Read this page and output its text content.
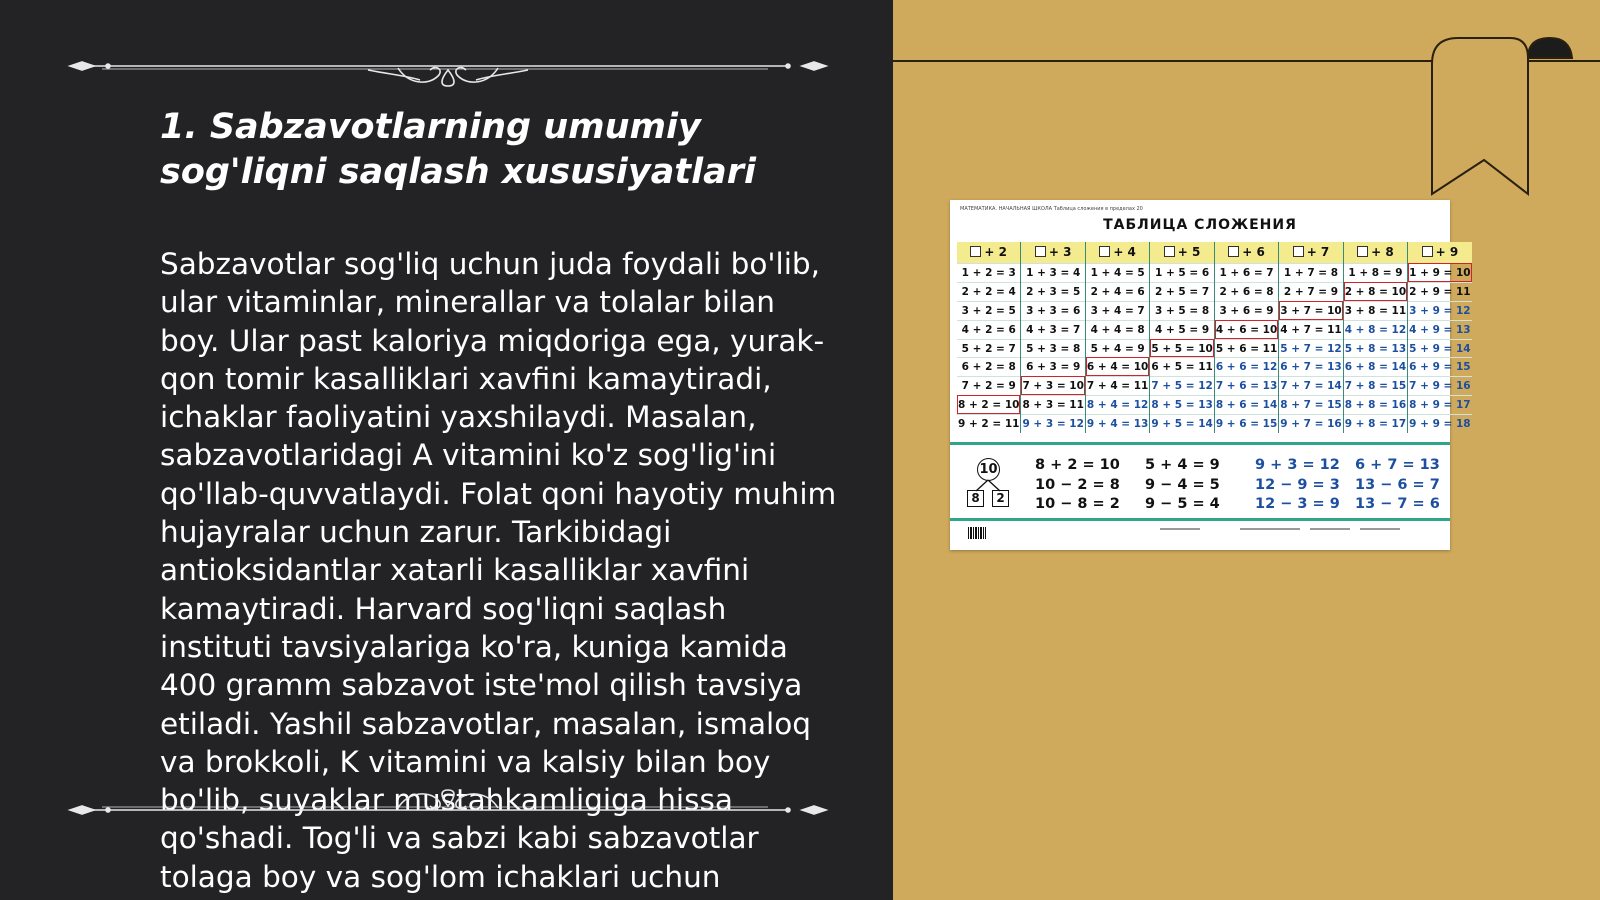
1. Sabzavotlarning umumiy sog'liqni saqlash xususiyatlari

Sabzavotlar sog'liq uchun juda foydali bo'lib, ular vitaminlar, minerallar va tolalar bilan boy. Ular past kaloriya miqdoriga ega, yurak-qon tomir kasalliklari xavfini kamaytiradi, ichaklar faoliyatini yaxshilaydi. Masalan, sabzavotlaridagi A vitamini ko'z sog'lig'ini qo'llab-quvvatlaydi. Folat qoni hayotiy muhim hujayralar uchun zarur. Tarkibidagi antioksidantlar xatarli kasalliklar xavfini kamaytiradi. Harvard sog'liqni saqlash instituti tavsiyalariga ko'ra, kuniga kamida 400 gramm sabzavot iste'mol qilish tavsiya etiladi. Yashil sabzavotlar, masalan, ismaloq va brokkoli, K vitamini va kalsiy bilan boy bo'lib, suyaklar mustahkamligiga hissa qo'shadi. Tog'li va sabzi kabi sabzavotlar tolaga boy va sog'lom ichaklari uchun

МАТЕМАТИКА. НАЧАЛЬНАЯ ШКОЛА Таблица сложения в пределах 20
ТАБЛИЦА СЛОЖЕНИЯ
+ 2
1 + 2 = 3
2 + 2 = 4
3 + 2 = 5
4 + 2 = 6
5 + 2 = 7
6 + 2 = 8
7 + 2 = 9
8 + 2 = 10
9 + 2 = 11
+ 3
1 + 3 = 4
2 + 3 = 5
3 + 3 = 6
4 + 3 = 7
5 + 3 = 8
6 + 3 = 9
7 + 3 = 10
8 + 3 = 11
9 + 3 = 12
+ 4
1 + 4 = 5
2 + 4 = 6
3 + 4 = 7
4 + 4 = 8
5 + 4 = 9
6 + 4 = 10
7 + 4 = 11
8 + 4 = 12
9 + 4 = 13
+ 5
1 + 5 = 6
2 + 5 = 7
3 + 5 = 8
4 + 5 = 9
5 + 5 = 10
6 + 5 = 11
7 + 5 = 12
8 + 5 = 13
9 + 5 = 14
+ 6
1 + 6 = 7
2 + 6 = 8
3 + 6 = 9
4 + 6 = 10
5 + 6 = 11
6 + 6 = 12
7 + 6 = 13
8 + 6 = 14
9 + 6 = 15
+ 7
1 + 7 = 8
2 + 7 = 9
3 + 7 = 10
4 + 7 = 11
5 + 7 = 12
6 + 7 = 13
7 + 7 = 14
8 + 7 = 15
9 + 7 = 16
+ 8
1 + 8 = 9
2 + 8 = 10
3 + 8 = 11
4 + 8 = 12
5 + 8 = 13
6 + 8 = 14
7 + 8 = 15
8 + 8 = 16
9 + 8 = 17
+ 9
1 + 9 = 10
2 + 9 = 11
3 + 9 = 12
4 + 9 = 13
5 + 9 = 14
6 + 9 = 15
7 + 9 = 16
8 + 9 = 17
9 + 9 = 18
10
8	2
8 + 2 = 10
10 − 2 = 8
10 − 8 = 2
5 + 4 = 9
9 − 4 = 5
9 − 5 = 4
9 + 3 = 12
12 − 9 = 3
12 − 3 = 9
6 + 7 = 13
13 − 6 = 7
13 − 7 = 6
